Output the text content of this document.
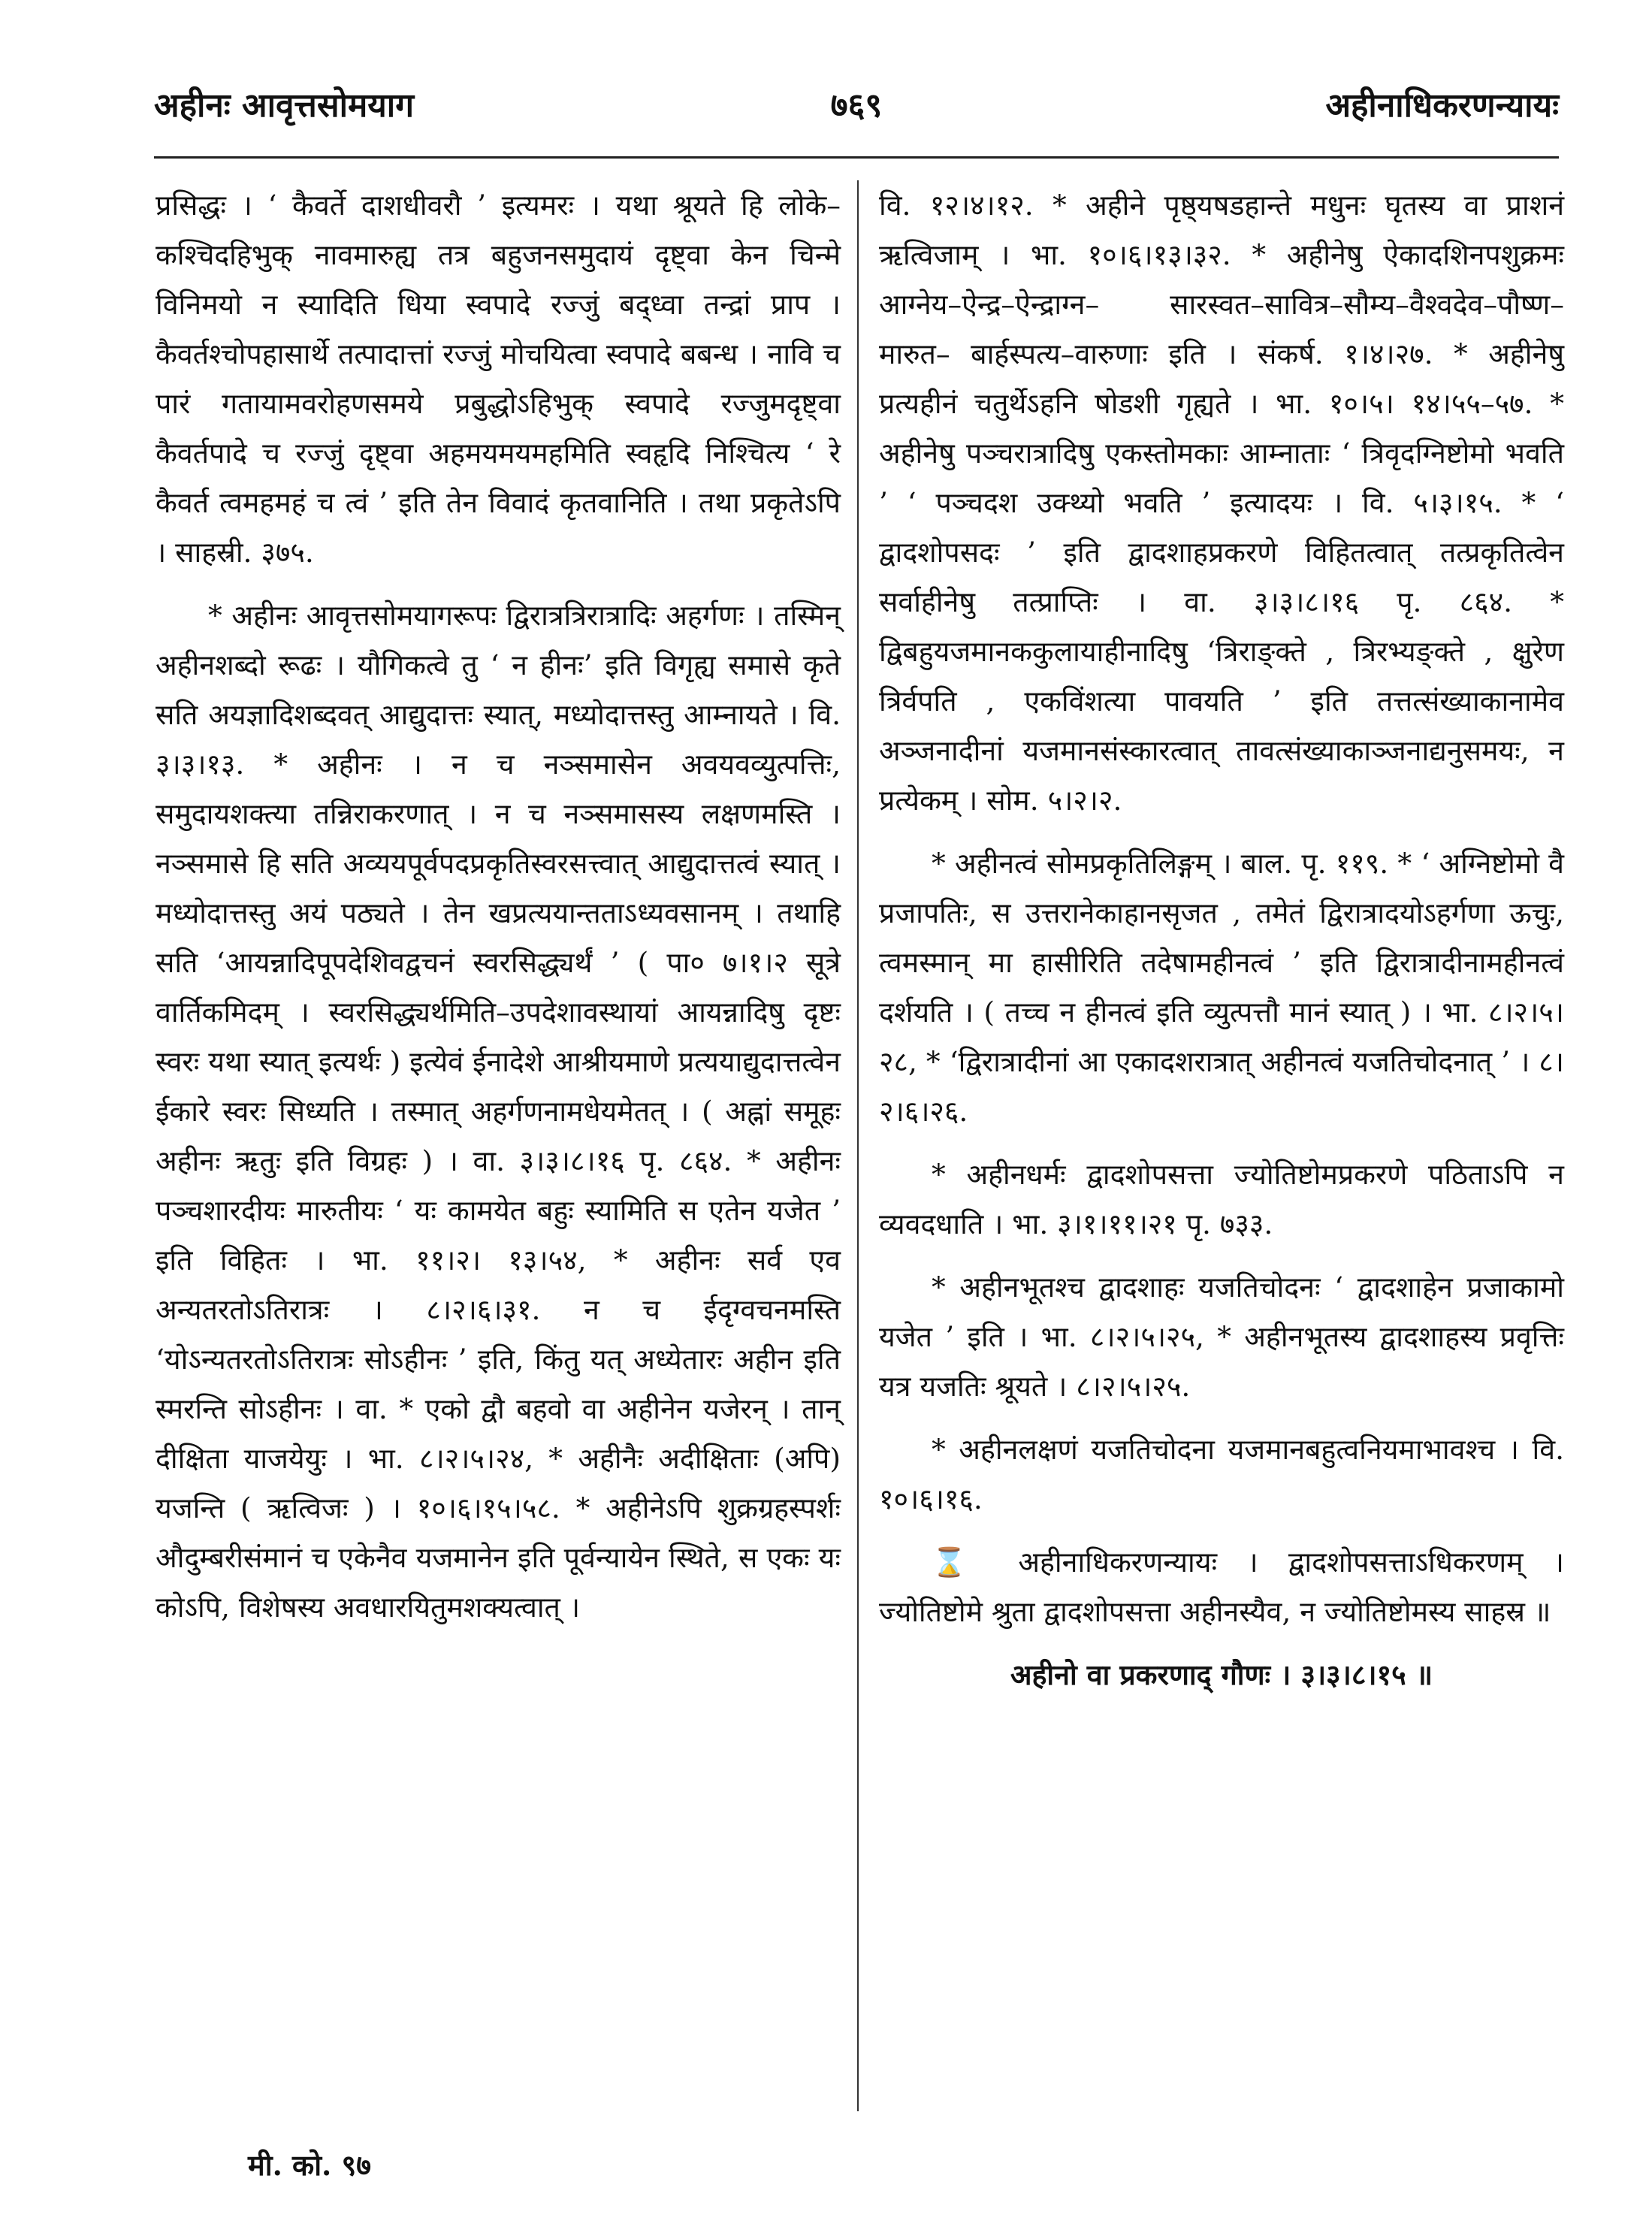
अहीनः आवृत्तसोमयाग	७६९	अहीनाधिकरणन्यायः

प्रसिद्धः । ‘ कैवर्ते दाशधीवरौ ’ इत्यमरः । यथा श्रूयते हि लोके– कश्चिदहिभुक् नावमारुह्य तत्र बहुजनसमुदायं दृष्ट्वा केन चिन्मे विनिमयो न स्यादिति धिया स्वपादे रज्जुं बद्ध्वा तन्द्रां प्राप । कैवर्तश्चोपहासार्थे तत्पादात्तां रज्जुं मोचयित्वा स्वपादे बबन्ध । नावि च पारं गतायामवरोहणसमये प्रबुद्धोऽहिभुक् स्वपादे रज्जुमदृष्ट्वा कैवर्तपादे च रज्जुं दृष्ट्वा अहमयमयमहमिति स्वहृदि निश्चित्य ‘ रे कैवर्त त्वमहमहं च त्वं ’ इति तेन विवादं कृतवानिति । तथा प्रकृतेऽपि । साहस्री. ३७५.

* अहीनः आवृत्तसोमयागरूपः द्विरात्रत्रिरात्रादिः अहर्गणः । तस्मिन् अहीनशब्दो रूढः । यौगिकत्वे तु ‘ न हीनः’ इति विगृह्य समासे कृते सति अयज्ञादिशब्दवत् आद्युदात्तः स्यात्, मध्योदात्तस्तु आम्नायते । वि. ३।३।१३. * अहीनः । न च नञ्समासेन अवयवव्युत्पत्तिः, समुदायशक्त्या तन्निराकरणात् । न च नञ्समासस्य लक्षणमस्ति । नञ्समासे हि सति अव्ययपूर्वपदप्रकृतिस्वरसत्त्वात् आद्युदात्तत्वं स्यात् । मध्योदात्तस्तु अयं पठ्यते । तेन खप्रत्ययान्तताऽध्यवसानम् । तथाहि सति ‘आयन्नादिपूपदेशिवद्वचनं स्वरसिद्ध्यर्थं ’ ( पा० ७।१।२ सूत्रे वार्तिकमिदम् । स्वरसिद्ध्यर्थमिति–उपदेशावस्थायां आयन्नादिषु दृष्टः स्वरः यथा स्यात् इत्यर्थः ) इत्येवं ईनादेशे आश्रीयमाणे प्रत्ययाद्युदात्तत्वेन ईकारे स्वरः सिध्यति । तस्मात् अहर्गणनामधेयमेतत् । ( अह्नां समूहः अहीनः ऋतुः इति विग्रहः ) । वा. ३।३।८।१६ पृ. ८६४. * अहीनः पञ्चशारदीयः मारुतीयः ‘ यः कामयेत बहुः स्यामिति स एतेन यजेत ’ इति विहितः । भा. ११।२। १३।५४, * अहीनः सर्व एव अन्यतरतोऽतिरात्रः । ८।२।६।३१. न च ईदृग्वचनमस्ति ‘योऽन्यतरतोऽतिरात्रः सोऽहीनः ’ इति, किंतु यत् अध्येतारः अहीन इति स्मरन्ति सोऽहीनः । वा. * एको द्वौ बहवो वा अहीनेन यजेरन् । तान् दीक्षिता याजयेयुः । भा. ८।२।५।२४, * अहीनैः अदीक्षिताः (अपि) यजन्ति ( ऋत्विजः ) । १०।६।१५।५८. * अहीनेऽपि शुक्रग्रहस्पर्शः औदुम्बरीसंमानं च एकेनैव यजमानेन इति पूर्वन्यायेन स्थिते, स एकः यः कोऽपि, विशेषस्य अवधारयितुमशक्यत्वात् ।

वि. १२।४।१२. * अहीने पृष्ठ्यषडहान्ते मधुनः घृतस्य वा प्राशनं ऋत्विजाम् । भा. १०।६।१३।३२. * अहीनेषु ऐकादशिनपशुक्रमः आग्नेय–ऐन्द्र–ऐन्द्राग्न– सारस्वत–सावित्र–सौम्य–वैश्वदेव–पौष्ण– मारुत– बार्हस्पत्य–वारुणाः इति । संकर्ष. १।४।२७. * अहीनेषु प्रत्यहीनं चतुर्थेऽहनि षोडशी गृह्यते । भा. १०।५। १४।५५–५७. * अहीनेषु पञ्चरात्रादिषु एकस्तोमकाः आम्नाताः ‘ त्रिवृदग्निष्टोमो भवति ’ ‘ पञ्चदश उक्थ्यो भवति ’ इत्यादयः । वि. ५।३।१५. * ‘ द्वादशोपसदः ’ इति द्वादशाहप्रकरणे विहितत्वात् तत्प्रकृतित्वेन सर्वाहीनेषु तत्प्राप्तिः । वा. ३।३।८।१६ पृ. ८६४. * द्विबहुयजमानककुलायाहीनादिषु ‘त्रिराङ्क्ते , त्रिरभ्यङ्क्ते , क्षुरेण त्रिर्वपति , एकविंशत्या पावयति ’ इति तत्तत्संख्याकानामेव अञ्जनादीनां यजमानसंस्कारत्वात् तावत्संख्याकाञ्जनाद्यनुसमयः, न प्रत्येकम् । सोम. ५।२।२.

* अहीनत्वं सोमप्रकृतिलिङ्गम् । बाल. पृ. ११९. * ‘ अग्निष्टोमो वै प्रजापतिः, स उत्तरानेकाहानसृजत , तमेतं द्विरात्रादयोऽहर्गणा ऊचुः, त्वमस्मान् मा हासीरिति तदेषामहीनत्वं ’ इति द्विरात्रादीनामहीनत्वं दर्शयति । ( तच्च न हीनत्वं इति व्युत्पत्तौ मानं स्यात् ) । भा. ८।२।५।२८, * ‘द्विरात्रादीनां आ एकादशरात्रात् अहीनत्वं यजतिचोदनात् ’ । ८।२।६।२६.

* अहीनधर्मः द्वादशोपसत्ता ज्योतिष्टोमप्रकरणे पठिताऽपि न व्यवदधाति । भा. ३।१।११।२१ पृ. ७३३.

* अहीनभूतश्च द्वादशाहः यजतिचोदनः ‘ द्वादशाहेन प्रजाकामो यजेत ’ इति । भा. ८।२।५।२५, * अहीनभूतस्य द्वादशाहस्य प्रवृत्तिः यत्र यजतिः श्रूयते । ८।२।५।२५.

* अहीनलक्षणं यजतिचोदना यजमानबहुत्वनियमाभावश्च । वि. १०।६।१६.

⌛ अहीनाधिकरणन्यायः । द्वादशोपसत्ताऽधिकरणम् । ज्योतिष्टोमे श्रुता द्वादशोपसत्ता अहीनस्यैव, न ज्योतिष्टोमस्य साहस्र ॥

अहीनो वा प्रकरणाद् गौणः । ३।३।८।१५ ॥

मी. को. ९७
